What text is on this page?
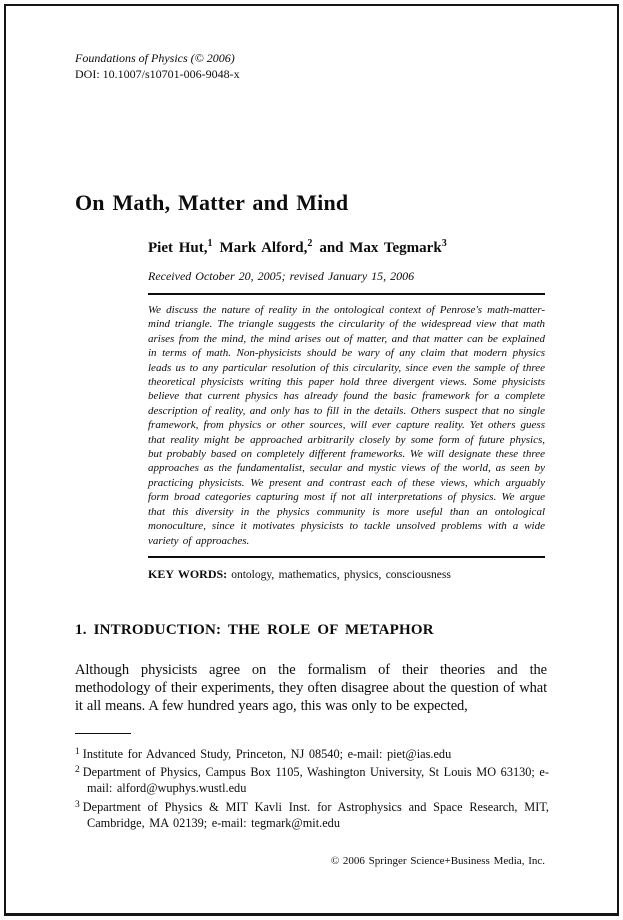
Foundations of Physics (© 2006)
DOI: 10.1007/s10701-006-9048-x
On Math, Matter and Mind
Piet Hut,$^1$ Mark Alford,$^2$ and Max Tegmark$^3$
Received October 20, 2005; revised January 15, 2006

We discuss the nature of reality in the ontological context of Penrose's math-matter-mind triangle. The triangle suggests the circularity of the widespread view that math arises from the mind, the mind arises out of matter, and that matter can be explained in terms of math. Non-physicists should be wary of any claim that modern physics leads us to any particular resolution of this circularity, since even the sample of three theoretical physicists writing this paper hold three divergent views. Some physicists believe that current physics has already found the basic framework for a complete description of reality, and only has to fill in the details. Others suspect that no single framework, from physics or other sources, will ever capture reality. Yet others guess that reality might be approached arbitrarily closely by some form of future physics, but probably based on completely different frameworks. We will designate these three approaches as the fundamentalist, secular and mystic views of the world, as seen by practicing physicists. We present and contrast each of these views, which arguably form broad categories capturing most if not all interpretations of physics. We argue that this diversity in the physics community is more useful than an ontological monoculture, since it motivates physicists to tackle unsolved problems with a wide variety of approaches.

KEY WORDS: ontology, mathematics, physics, consciousness
1. INTRODUCTION: THE ROLE OF METAPHOR

Although physicists agree on the formalism of their theories and the methodology of their experiments, they often disagree about the question of what it all means. A few hundred years ago, this was only to be expected,

$^1$ Institute for Advanced Study, Princeton, NJ 08540; e-mail: piet@ias.edu
$^2$ Department of Physics, Campus Box 1105, Washington University, St Louis MO 63130; e-mail: alford@wuphys.wustl.edu
$^3$ Department of Physics & MIT Kavli Inst. for Astrophysics and Space Research, MIT, Cambridge, MA 02139; e-mail: tegmark@mit.edu
© 2006 Springer Science+Business Media, Inc.
